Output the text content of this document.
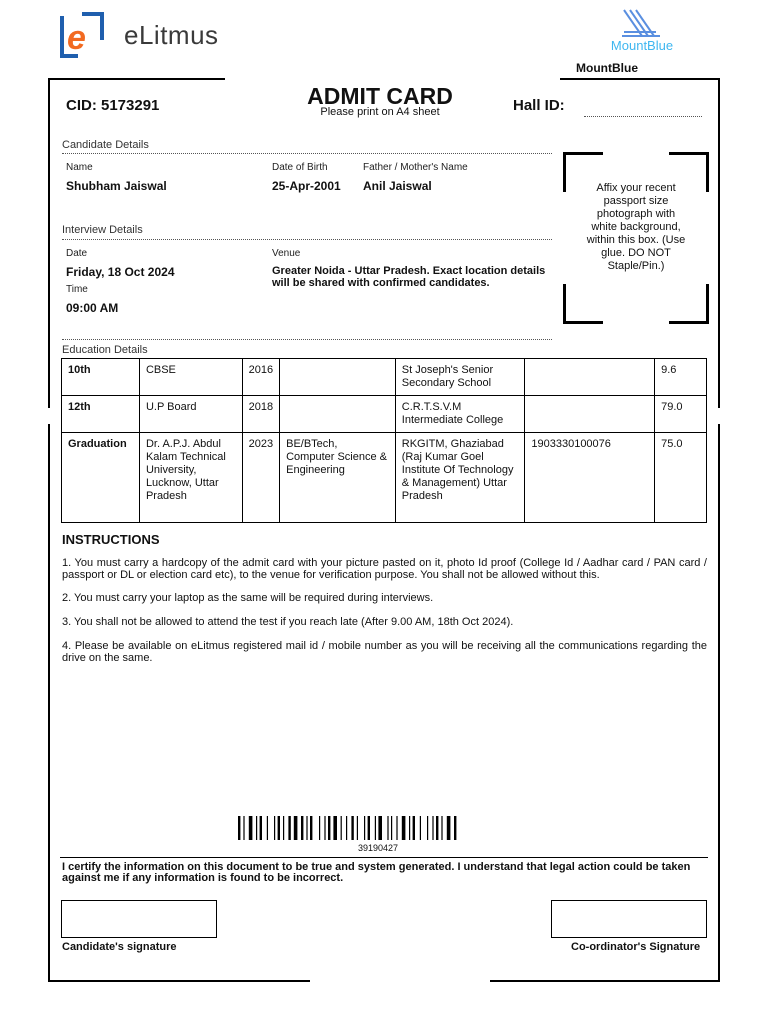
e eLitmus	MountBlue
MountBlue
CID: 5173291	ADMIT CARD
Please print on A4 sheet	Hall ID:
Candidate Details
Name
Shubham Jaiswal
Date of Birth
25-Apr-2001
Father / Mother's Name
Anil Jaiswal	Affix your recent passport size photograph with white background, within this box. (Use glue. DO NOT Staple/Pin.)
Interview Details
Date
Friday, 18 Oct 2024
Time
09:00 AM
Venue
Greater Noida - Uttar Pradesh. Exact location details will be shared with confirmed candidates.
Education Details
10th	CBSE	2016		St Joseph's Senior Secondary School		9.6
12th	U.P Board	2018		C.R.T.S.V.M Intermediate College		79.0
Graduation	Dr. A.P.J. Abdul Kalam Technical University, Lucknow, Uttar Pradesh	2023	BE/BTech, Computer Science & Engineering	RKGITM, Ghaziabad (Raj Kumar Goel Institute Of Technology & Management) Uttar Pradesh	1903330100076	75.0
INSTRUCTIONS
1. You must carry a hardcopy of the admit card with your picture pasted on it, photo Id proof (College Id / Aadhar card / PAN card / passport or DL or election card etc), to the venue for verification purpose. You shall not be allowed without this.
2. You must carry your laptop as the same will be required during interviews.
3. You shall not be allowed to attend the test if you reach late (After 9.00 AM, 18th Oct 2024).
4. Please be available on eLitmus registered mail id / mobile number as you will be receiving all the communications regarding the drive on the same.
39190427
I certify the information on this document to be true and system generated. I understand that legal action could be taken against me if any information is found to be incorrect.
Candidate's signature	Co-ordinator's Signature
